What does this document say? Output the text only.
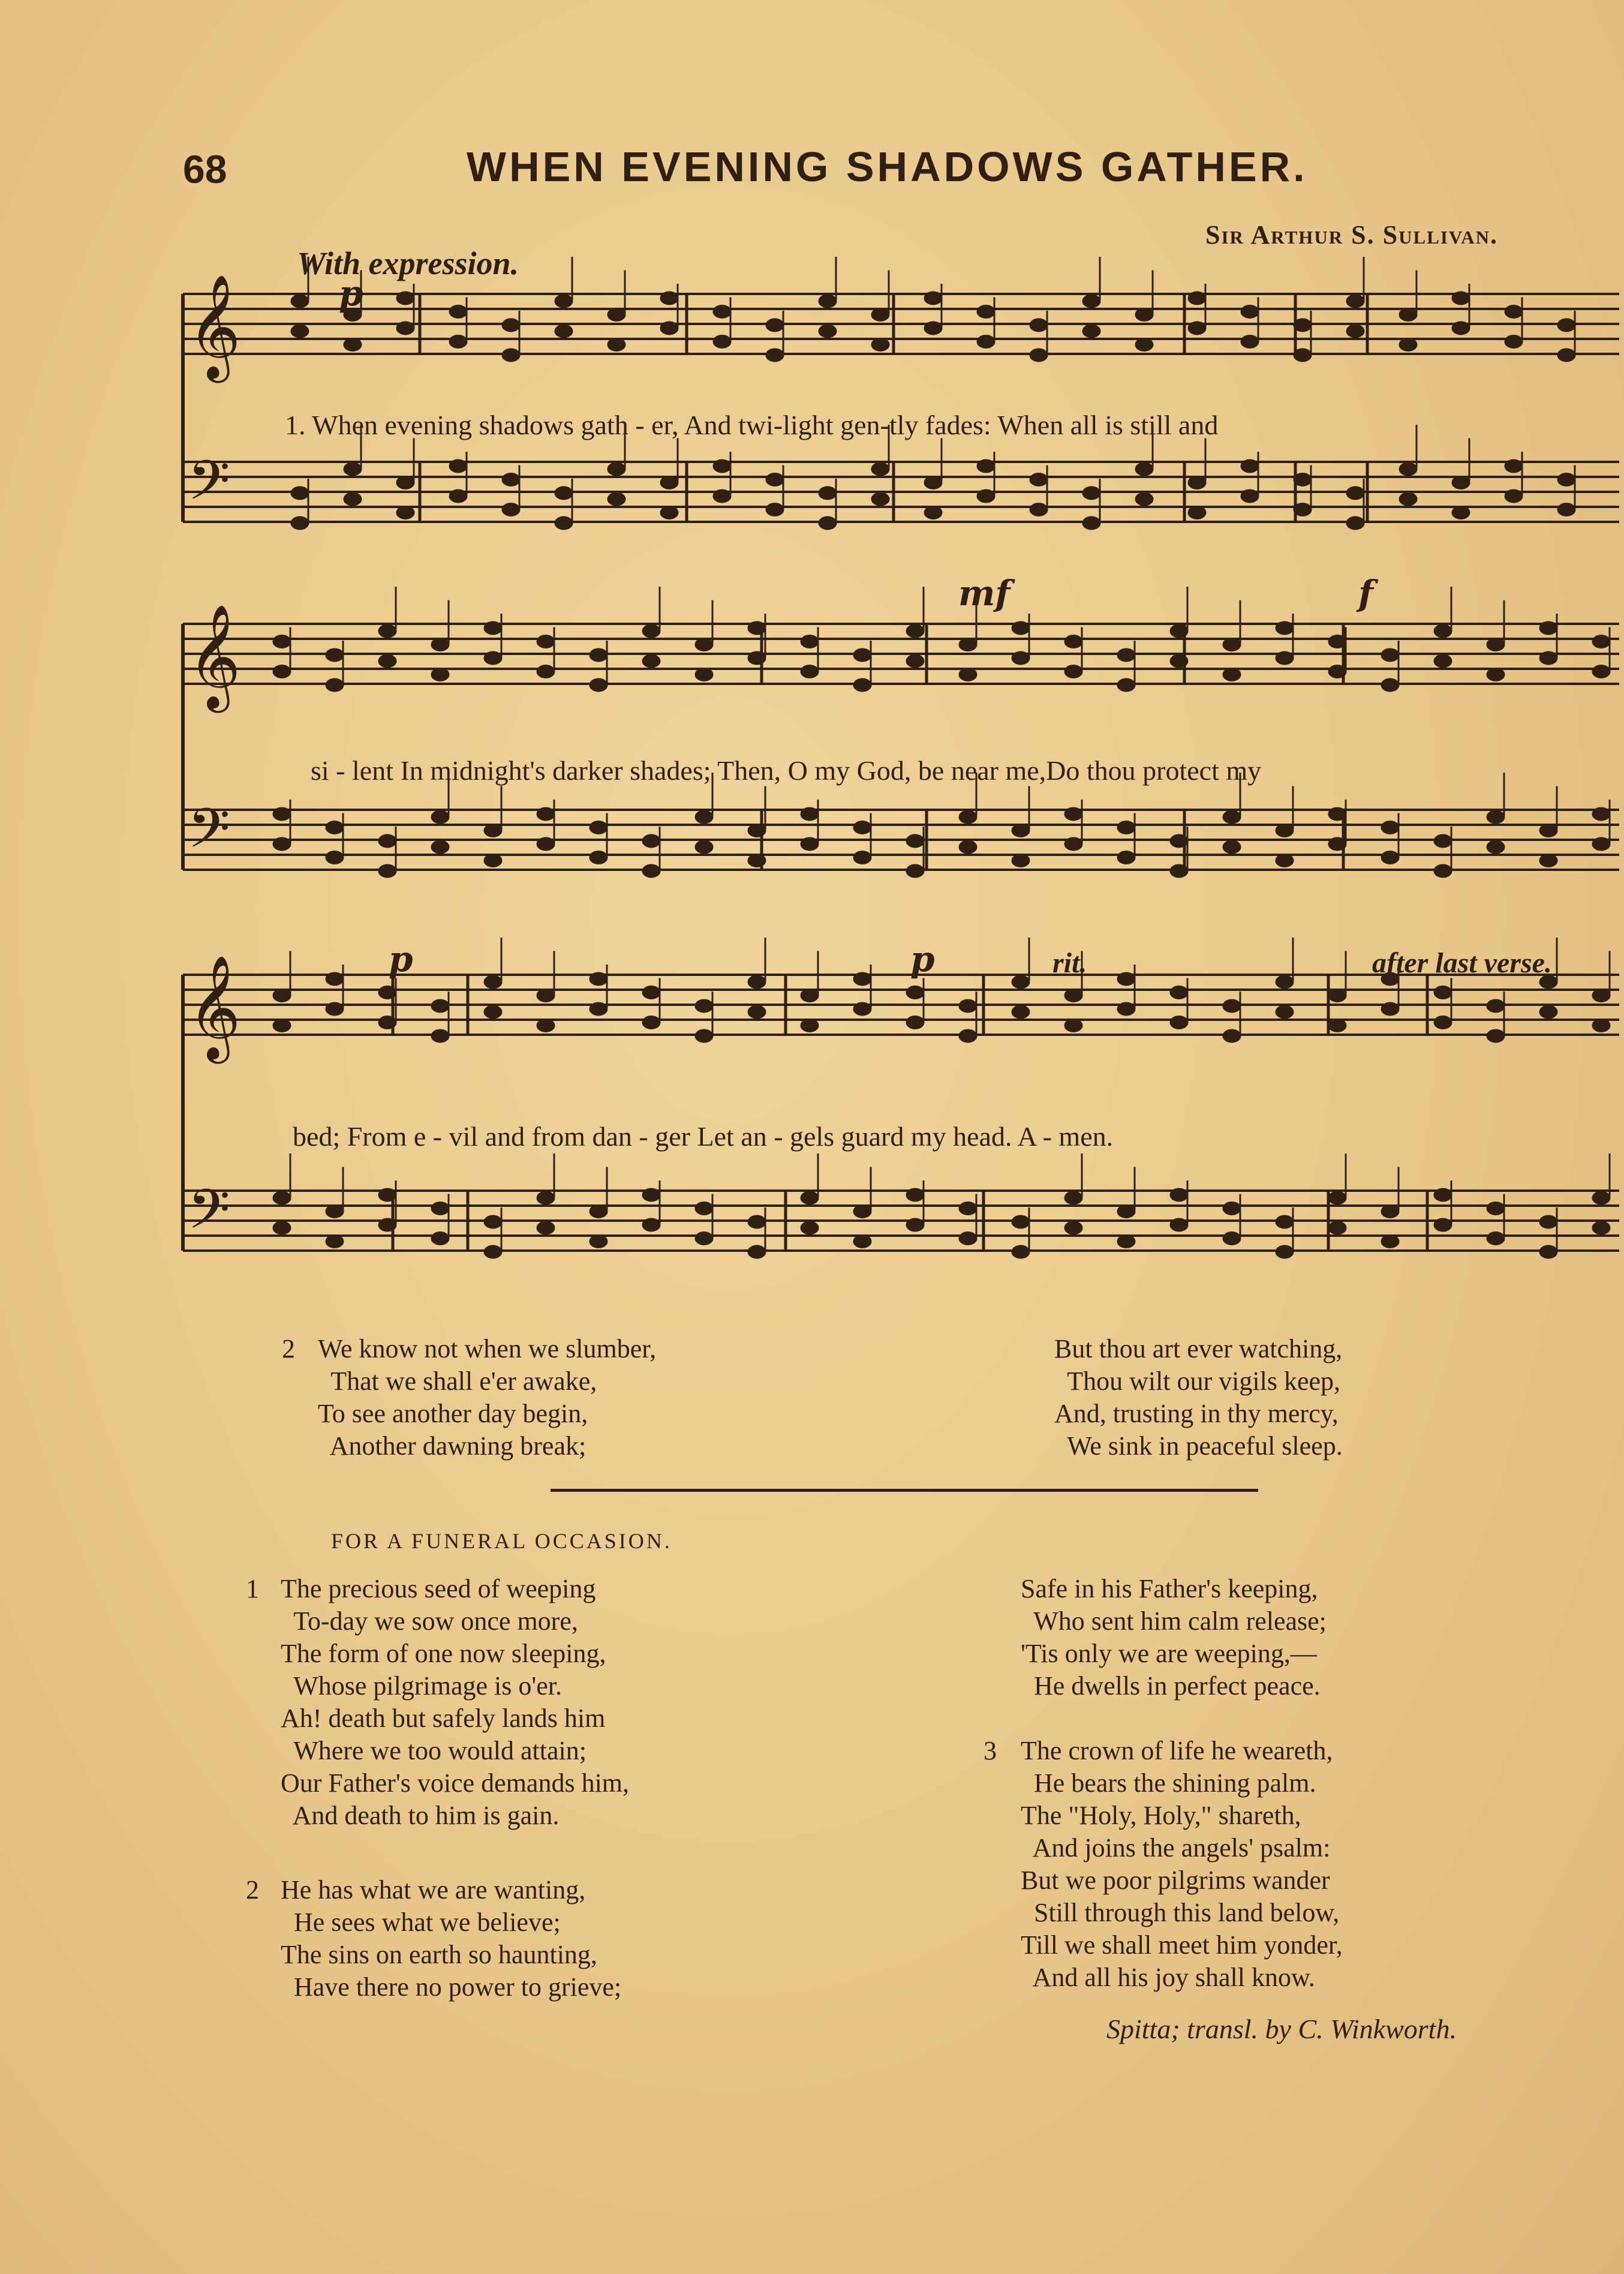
68	WHEN EVENING SHADOWS GATHER.
Sir Arthur S. Sullivan.
With expression.
𝄞
𝄢
𝄞
𝄢
𝄞
𝄢
p
mf	f
p	p	rit.	after last verse.
1. When evening shadows gath - er, And twi-light gen-tly fades: When all is still and
si - lent In midnight's darker shades; Then, O my God, be near me,Do thou protect my
bed; From e - vil and from dan - ger Let an - gels guard my head. A - men.
2 We know not when we slumber,
That we shall e'er awake,
To see another day begin,
Another dawning break;
But thou art ever watching,
Thou wilt our vigils keep,
And, trusting in thy mercy,
We sink in peaceful sleep.
FOR A FUNERAL OCCASION.
1 The precious seed of weeping
To-day we sow once more,
The form of one now sleeping,
Whose pilgrimage is o'er.
Ah! death but safely lands him
Where we too would attain;
Our Father's voice demands him,
And death to him is gain.
2 He has what we are wanting,
He sees what we believe;
The sins on earth so haunting,
Have there no power to grieve;
Safe in his Father's keeping,
Who sent him calm release;
'Tis only we are weeping,—
He dwells in perfect peace.
3 The crown of life he weareth,
He bears the shining palm.
The "Holy, Holy," shareth,
And joins the angels' psalm:
But we poor pilgrims wander
Still through this land below,
Till we shall meet him yonder,
And all his joy shall know.
Spitta; transl. by C. Winkworth.
